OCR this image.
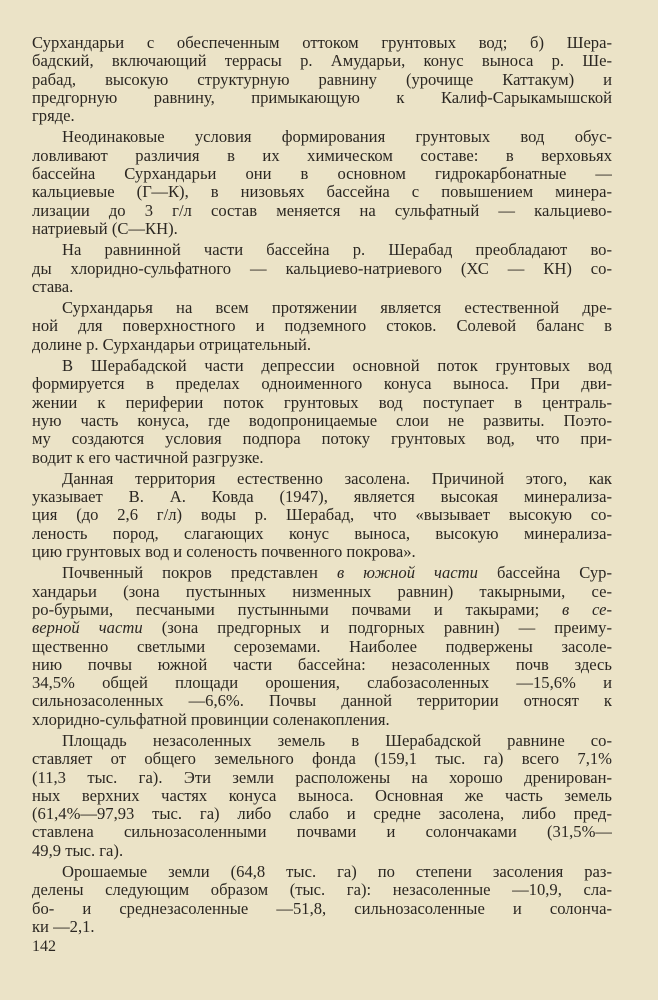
Сурхандарьи с обеспеченным оттоком грунтовых вод; б) Шера-
бадский, включающий террасы р. Амударьи, конус выноса р. Ше-
рабад, высокую структурную равнину (урочище Каттакум) и
предгорную равнину, примыкающую к Калиф-Сарыкамышской
гряде.
Неодинаковые условия формирования грунтовых вод обус-
ловливают различия в их химическом составе: в верховьях
бассейна Сурхандарьи они в основном гидрокарбонатные —
кальциевые (Г—К), в низовьях бассейна с повышением минера-
лизации до 3 г/л состав меняется на сульфатный — кальциево-
натриевый (С—КН).
На равнинной части бассейна р. Шерабад преобладают во-
ды хлоридно-сульфатного — кальциево-натриевого (ХС — КН) со-
става.
Сурхандарья на всем протяжении является естественной дре-
ной для поверхностного и подземного стоков. Солевой баланс в
долине р. Сурхандарьи отрицательный.
В Шерабадской части депрессии основной поток грунтовых вод
формируется в пределах одноименного конуса выноса. При дви-
жении к периферии поток грунтовых вод поступает в централь-
ную часть конуса, где водопроницаемые слои не развиты. Поэто-
му создаются условия подпора потоку грунтовых вод, что при-
водит к его частичной разгрузке.
Данная территория естественно засолена. Причиной этого, как
указывает В. А. Ковда (1947), является высокая минерализа-
ция (до 2,6 г/л) воды р. Шерабад, что «вызывает высокую со-
леность пород, слагающих конус выноса, высокую минерализа-
цию грунтовых вод и соленость почвенного покрова».
Почвенный покров представлен в южной части бассейна Сур-
хандарьи (зона пустынных низменных равнин) такырными, се-
ро-бурыми, песчаными пустынными почвами и такырами; в се-
верной части (зона предгорных и подгорных равнин) — преиму-
щественно светлыми сероземами. Наиболее подвержены засоле-
нию почвы южной части бассейна: незасоленных почв здесь
34,5% общей площади орошения, слабозасоленных —15,6% и
сильнозасоленных —6,6%. Почвы данной территории относят к
хлоридно-сульфатной провинции соленакопления.
Площадь незасоленных земель в Шерабадской равнине со-
ставляет от общего земельного фонда (159,1 тыс. га) всего 7,1%
(11,3 тыс. га). Эти земли расположены на хорошо дренирован-
ных верхних частях конуса выноса. Основная же часть земель
(61,4%—97,93 тыс. га) либо слабо и средне засолена, либо пред-
ставлена сильнозасоленными почвами и солончаками (31,5%—
49,9 тыс. га).
Орошаемые земли (64,8 тыс. га) по степени засоления раз-
делены следующим образом (тыс. га): незасоленные —10,9, сла-
бо- и среднезасоленные —51,8, сильнозасоленные и солонча-
ки —2,1.
142
